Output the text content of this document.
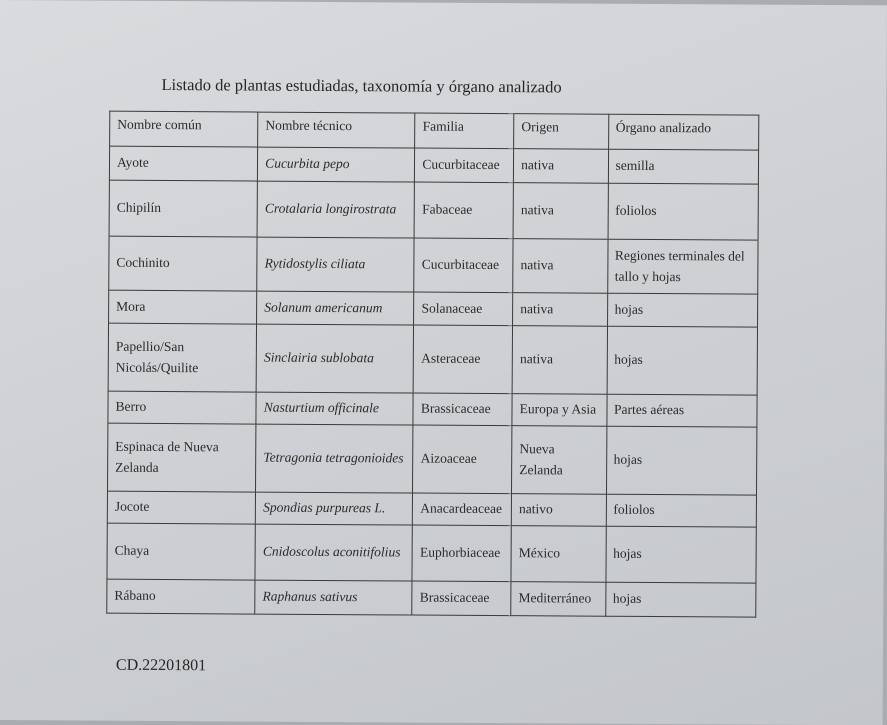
Listado de plantas estudiadas, taxonomía y órgano analizado
Nombre común	Nombre técnico	Familia	Origen	Órgano analizado
Ayote	Cucurbita pepo	Cucurbitaceae	nativa	semilla
Chipilín	Crotalaria longirostrata	Fabaceae	nativa	foliolos
Cochinito	Rytidostylis ciliata	Cucurbitaceae	nativa	Regiones terminales del tallo y hojas
Mora	Solanum americanum	Solanaceae	nativa	hojas
Papellio/San Nicolás/Quilite	Sinclairia sublobata	Asteraceae	nativa	hojas
Berro	Nasturtium officinale	Brassicaceae	Europa y Asia	Partes aéreas
Espinaca de Nueva Zelanda	Tetragonia tetragonioides	Aizoaceae	Nueva Zelanda	hojas
Jocote	Spondias purpureas L.	Anacardeaceae	nativo	foliolos
Chaya	Cnidoscolus aconitifolius	Euphorbiaceae	México	hojas
Rábano	Raphanus sativus	Brassicaceae	Mediterráneo	hojas
CD.22201801
